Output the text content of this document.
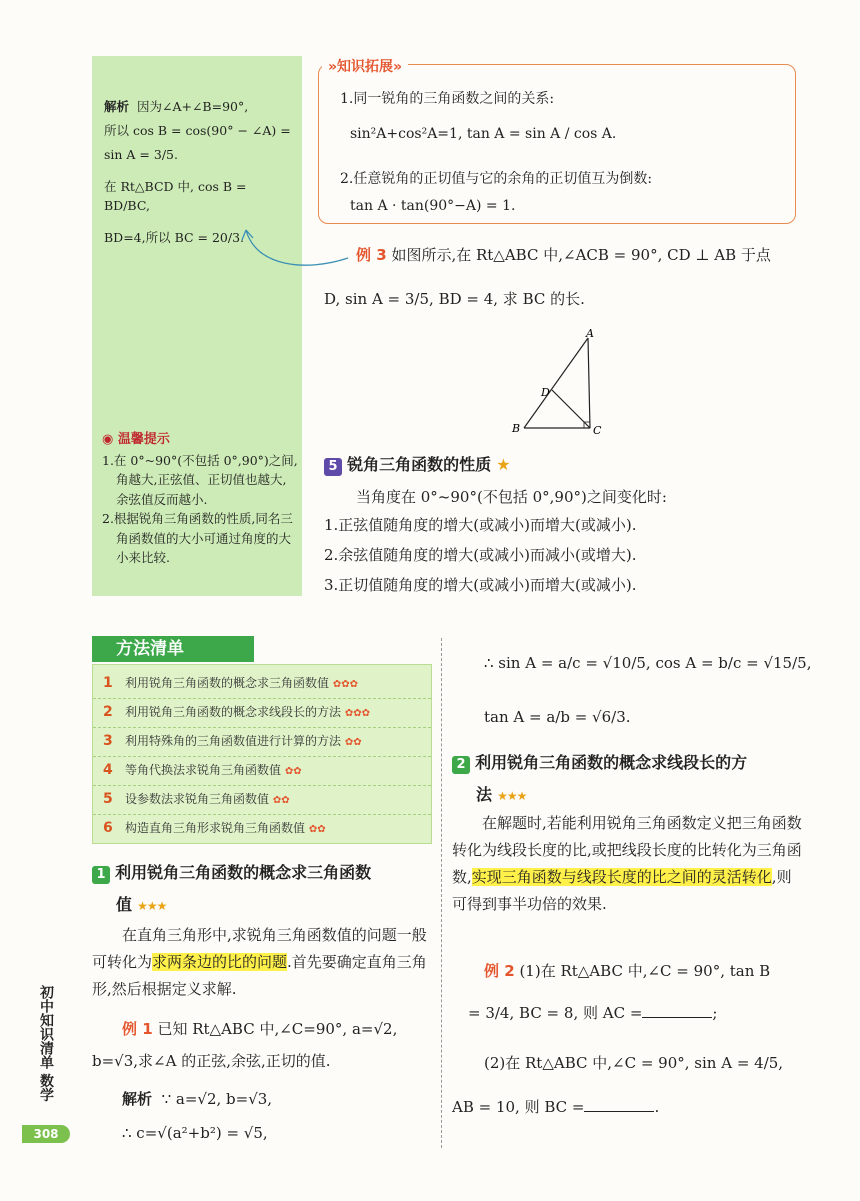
解析 因为∠A+∠B=90°,

所以 cos B = cos(90° − ∠A) =

sin A = 3/5.

在 Rt△BCD 中, cos B = BD/BC,

BD=4,所以 BC = 20/3.

◉ 温馨提示
1.在 0°~90°(不包括 0°,90°)之间,角越大,正弦值、正切值也越大,余弦值反而越小.
2.根据锐角三角函数的性质,同名三角函数值的大小可通过角度的大小来比较.
»知识拓展»
1.同一锐角的三角函数之间的关系:
sin²A+cos²A=1, tan A = sin A / cos A.
2.任意锐角的正切值与它的余角的正切值互为倒数:
tan A · tan(90°−A) = 1.
例 3 如图所示,在 Rt△ABC 中,∠ACB = 90°, CD ⊥ AB 于点
D, sin A = 3/5, BD = 4, 求 BC 的长.
A
B	C
D
5 锐角三角函数的性质 ★
当角度在 0°~90°(不包括 0°,90°)之间变化时:
1.正弦值随角度的增大(或减小)而增大(或减小).
2.余弦值随角度的增大(或减小)而减小(或增大).
3.正切值随角度的增大(或减小)而增大(或减小).
方法清单
1 利用锐角三角函数的概念求三角函数值 ✿✿✿
2 利用锐角三角函数的概念求线段长的方法 ✿✿✿
3 利用特殊角的三角函数值进行计算的方法 ✿✿
4 等角代换法求锐角三角函数值 ✿✿
5 设参数法求锐角三角函数值 ✿✿
6 构造直角三角形求锐角三角函数值 ✿✿
1 利用锐角三角函数的概念求三角函数
值 ★★★
在直角三角形中,求锐角三角函数值的问题一般可转化为求两条边的比的问题.首先要确定直角三角形,然后根据定义求解.
例 1 已知 Rt△ABC 中,∠C=90°, a=√2,
b=√3,求∠A 的正弦,余弦,正切的值.
解析 ∵ a=√2, b=√3,
∴ c=√(a²+b²) = √5,
∴ sin A = a/c = √10/5, cos A = b/c = √15/5,
tan A = a/b = √6/3.
2 利用锐角三角函数的概念求线段长的方
法 ★★★
在解题时,若能利用锐角三角函数定义把三角函数转化为线段长度的比,或把线段长度的比转化为三角函数,实现三角函数与线段长度的比之间的灵活转化,则可得到事半功倍的效果.
例 2 (1)在 Rt△ABC 中,∠C = 90°, tan B
= 3/4, BC = 8, 则 AC =	;
(2)在 Rt△ABC 中,∠C = 90°, sin A = 4/5,
AB = 10, 则 BC =	.
初中知识清单 数学
308
